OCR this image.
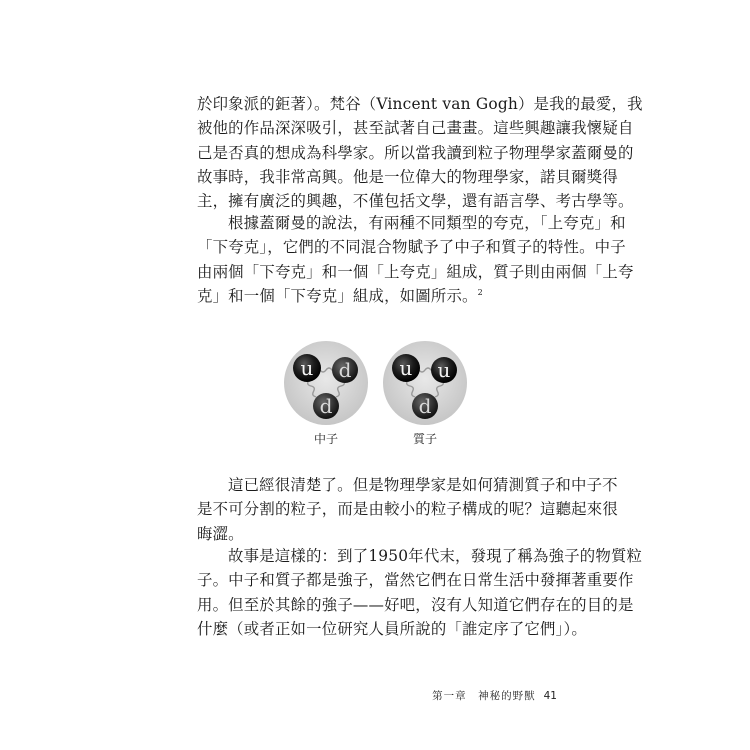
於印象派的鉅著）。梵谷（Vincent van Gogh）是我的最愛，我
被他的作品深深吸引，甚至試著自己畫畫。這些興趣讓我懷疑自
己是否真的想成為科學家。所以當我讀到粒子物理學家蓋爾曼的
故事時，我非常高興。他是一位偉大的物理學家，諾貝爾獎得
主，擁有廣泛的興趣，不僅包括文學，還有語言學、考古學等。
根據蓋爾曼的說法，有兩種不同類型的夸克，「上夸克」和
「下夸克」，它們的不同混合物賦予了中子和質子的特性。中子
由兩個「下夸克」和一個「上夸克」組成，質子則由兩個「上夸
克」和一個「下夸克」組成，如圖所示。$^2$
u d
d
u u
d
中子	質子
這已經很清楚了。但是物理學家是如何猜測質子和中子不
是不可分割的粒子，而是由較小的粒子構成的呢？這聽起來很
晦澀。
故事是這樣的：到了1950年代末，發現了稱為強子的物質粒
子。中子和質子都是強子，當然它們在日常生活中發揮著重要作
用。但至於其餘的強子——好吧，沒有人知道它們存在的目的是
什麼（或者正如一位研究人員所說的「誰定序了它們」）。
第一章　神秘的野獸 41
